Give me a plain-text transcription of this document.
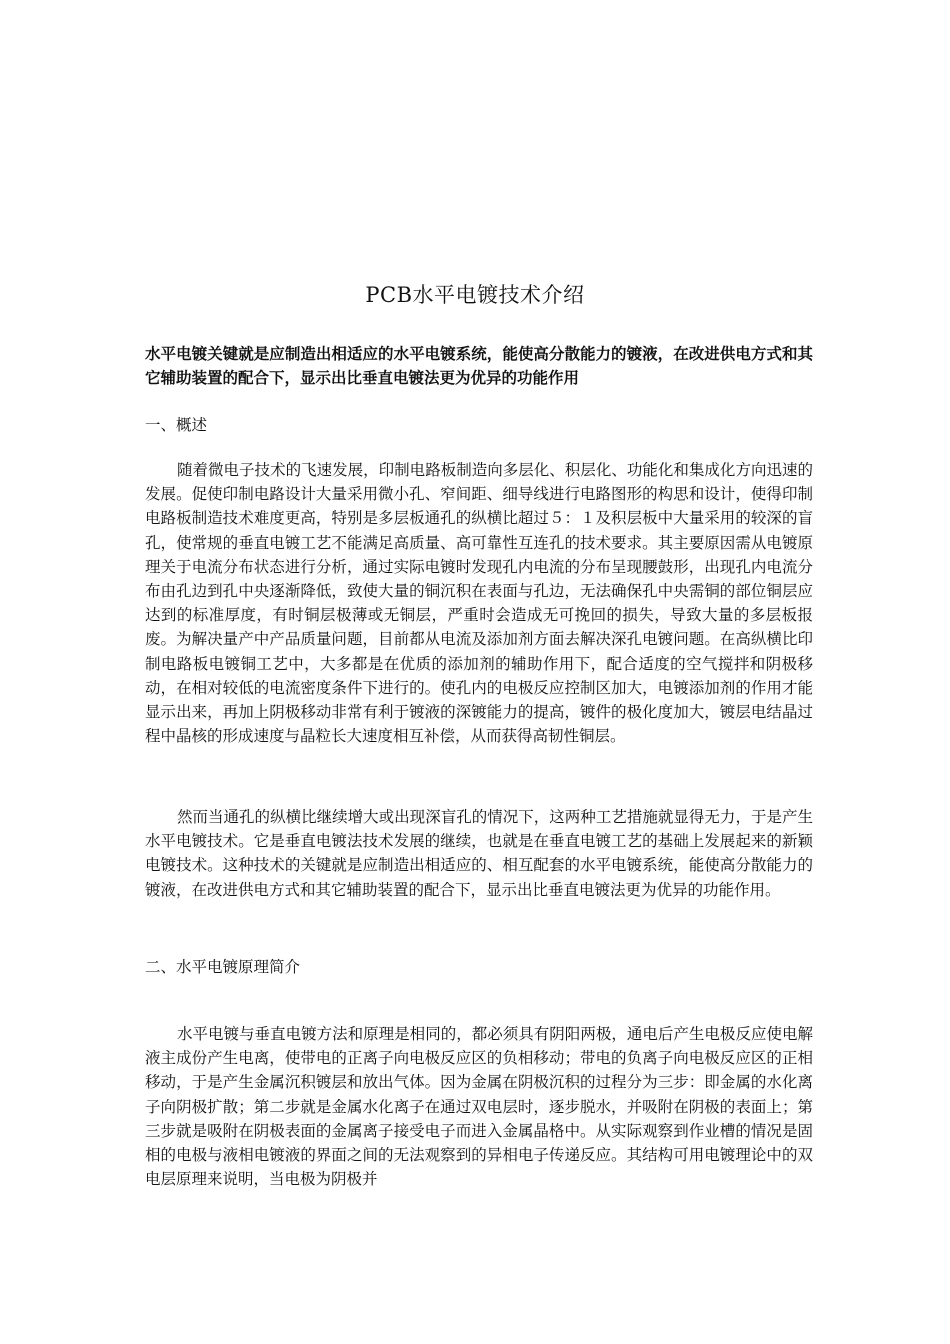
PCB水平电镀技术介绍
水平电镀关键就是应制造出相适应的水平电镀系统，能使高分散能力的镀液，在改进供电方式和其它辅助装置的配合下，显示出比垂直电镀法更为优异的功能作用
一、概述
随着微电子技术的飞速发展，印制电路板制造向多层化、积层化、功能化和集成化方向迅速的发展。促使印制电路设计大量采用微小孔、窄间距、细导线进行电路图形的构思和设计，使得印制电路板制造技术难度更高，特别是多层板通孔的纵横比超过５：１及积层板中大量采用的较深的盲孔，使常规的垂直电镀工艺不能满足高质量、高可靠性互连孔的技术要求。其主要原因需从电镀原理关于电流分布状态进行分析，通过实际电镀时发现孔内电流的分布呈现腰鼓形，出现孔内电流分布由孔边到孔中央逐渐降低，致使大量的铜沉积在表面与孔边，无法确保孔中央需铜的部位铜层应达到的标准厚度，有时铜层极薄或无铜层，严重时会造成无可挽回的损失，导致大量的多层板报废。为解决量产中产品质量问题，目前都从电流及添加剂方面去解决深孔电镀问题。在高纵横比印制电路板电镀铜工艺中，大多都是在优质的添加剂的辅助作用下，配合适度的空气搅拌和阴极移动，在相对较低的电流密度条件下进行的。使孔内的电极反应控制区加大，电镀添加剂的作用才能显示出来，再加上阴极移动非常有利于镀液的深镀能力的提高，镀件的极化度加大，镀层电结晶过程中晶核的形成速度与晶粒长大速度相互补偿，从而获得高韧性铜层。
然而当通孔的纵横比继续增大或出现深盲孔的情况下，这两种工艺措施就显得无力，于是产生水平电镀技术。它是垂直电镀法技术发展的继续，也就是在垂直电镀工艺的基础上发展起来的新颖电镀技术。这种技术的关键就是应制造出相适应的、相互配套的水平电镀系统，能使高分散能力的镀液，在改进供电方式和其它辅助装置的配合下，显示出比垂直电镀法更为优异的功能作用。
二、水平电镀原理简介
水平电镀与垂直电镀方法和原理是相同的，都必须具有阴阳两极，通电后产生电极反应使电解液主成份产生电离，使带电的正离子向电极反应区的负相移动；带电的负离子向电极反应区的正相移动，于是产生金属沉积镀层和放出气体。因为金属在阴极沉积的过程分为三步：即金属的水化离子向阴极扩散；第二步就是金属水化离子在通过双电层时，逐步脱水，并吸附在阴极的表面上；第三步就是吸附在阴极表面的金属离子接受电子而进入金属晶格中。从实际观察到作业槽的情况是固相的电极与液相电镀液的界面之间的无法观察到的异相电子传递反应。其结构可用电镀理论中的双电层原理来说明，当电极为阴极并
